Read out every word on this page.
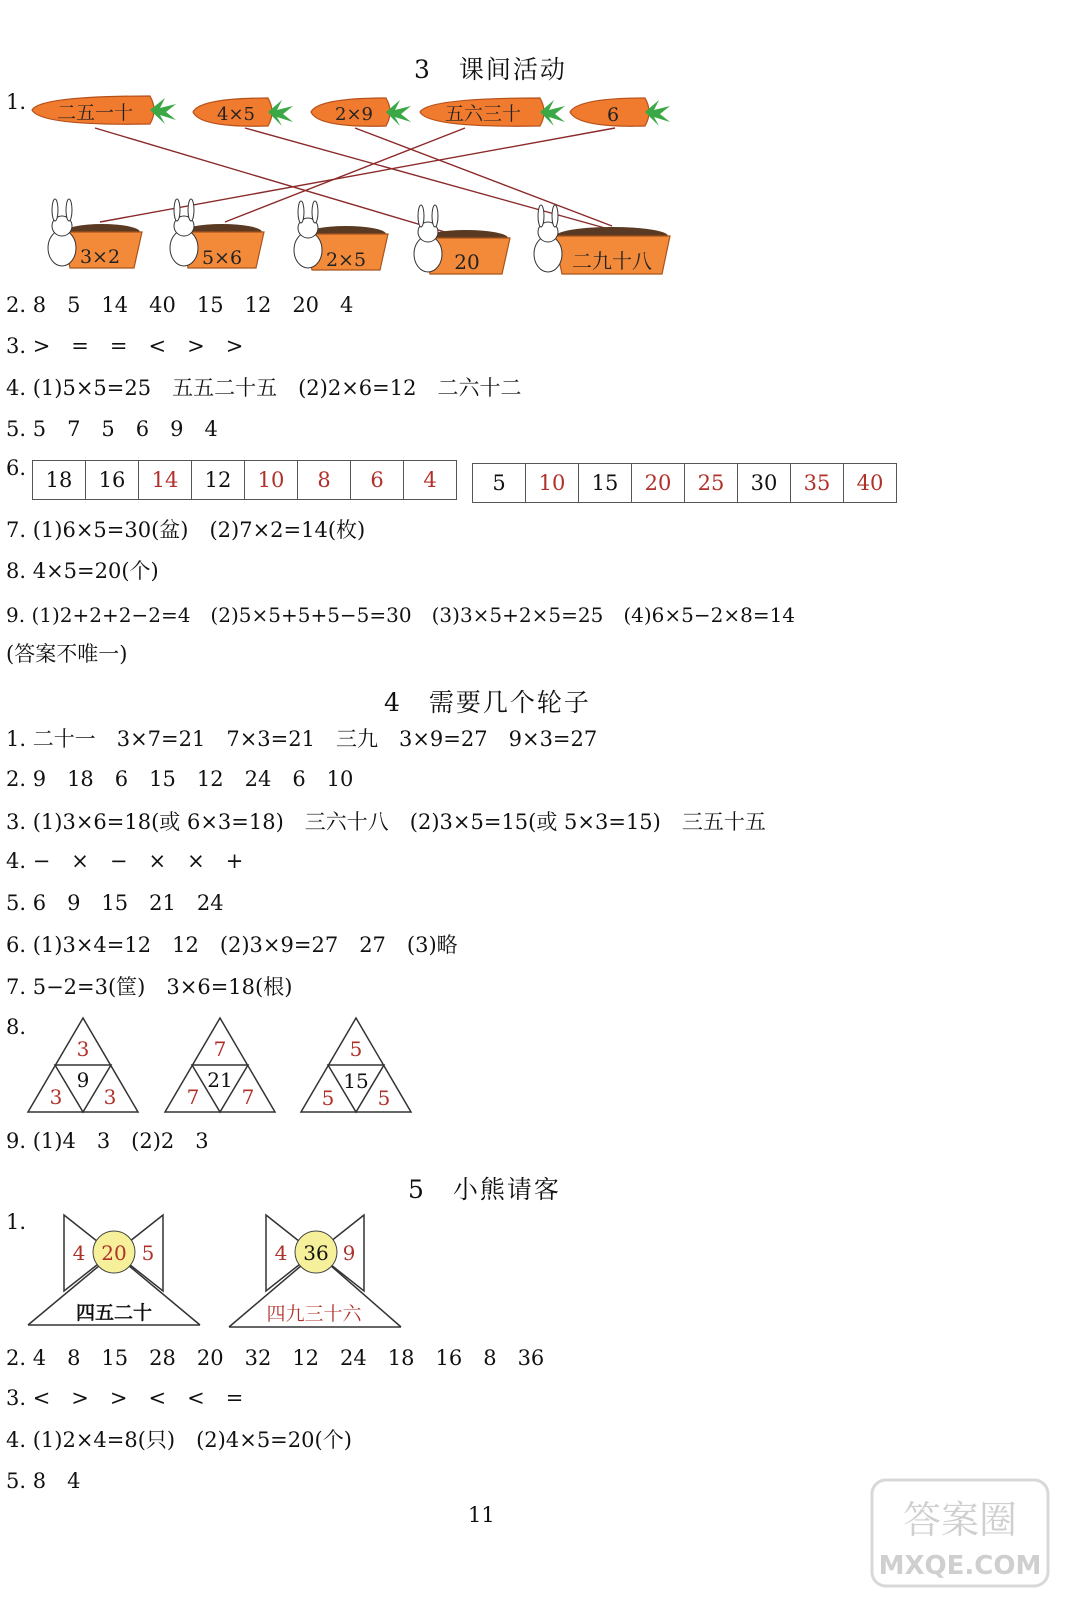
3　课间活动
1. 二五一十	4×5	2×9	五六三十	6
3×2	5×6	2×5	20	二九十八
2. 8　5　14　40　15　12　20　4
3. >　=　=　<　>　>
4. (1)5×5=25　五五二十五　(2)2×6=12　二六十二
5. 5　7　5　6　9　4
6. 18	16	14	12	10	8	6	4	5	10	15	20	25	30	35	40
7. (1)6×5=30(盆)　(2)7×2=14(枚)
8. 4×5=20(个)
9. (1)2+2+2−2=4　(2)5×5+5+5−5=30　(3)3×5+2×5=25　(4)6×5−2×8=14
(答案不唯一)
4　需要几个轮子
1. 二十一　3×7=21　7×3=21　三九　3×9=27　9×3=27
2. 9　18　6　15　12　24　6　10
3. (1)3×6=18(或 6×3=18)　三六十八　(2)3×5=15(或 5×3=15)　三五十五
4. −　×　−　×　×　+
5. 6　9　15　21　24
6. (1)3×4=12　12　(2)3×9=27　27　(3)略
7. 5−2=3(筐)　3×6=18(根)
8.
3
9
3 3
7
21
7 7
5
15
5 5
9. (1)4　3　(2)2　3
5　小熊请客
1.
4 20 5
四五二十
4 36 9
四九三十六
2. 4　8　15　28　20　32　12　24　18　16　8　36
3. <　>　>　<　<　=
4. (1)2×4=8(只)　(2)4×5=20(个)
5. 8　4
11	答案圈
MXQE.COM
